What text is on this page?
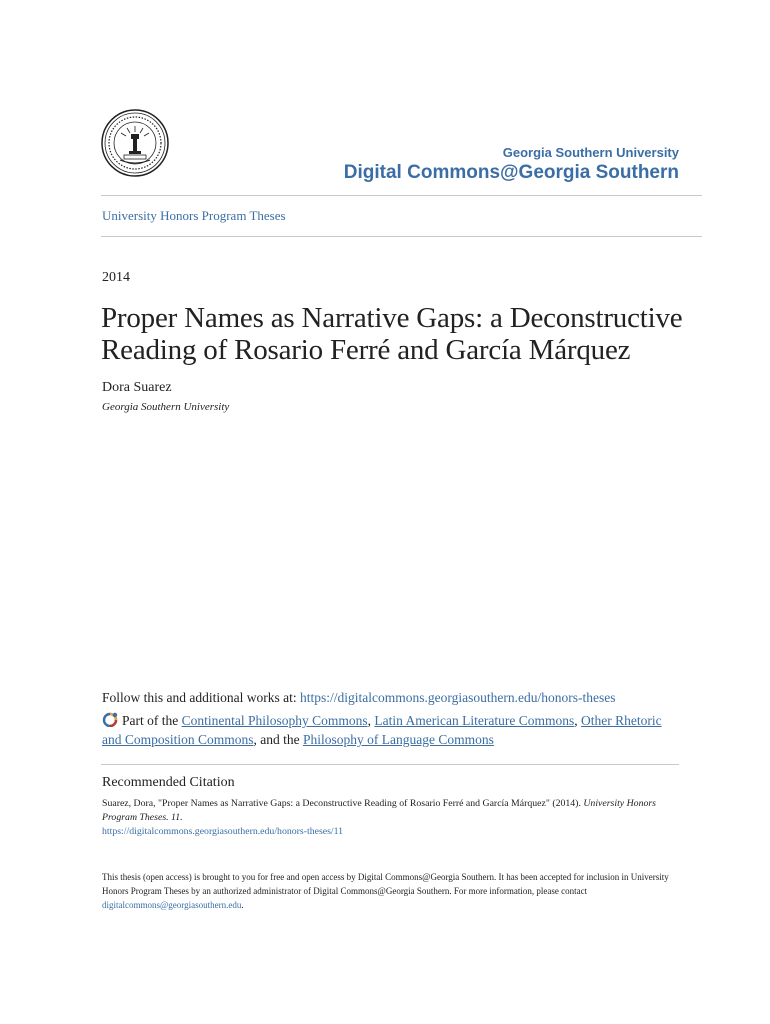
Georgia Southern University
Digital Commons@Georgia Southern
University Honors Program Theses
2014
Proper Names as Narrative Gaps: a Deconstructive Reading of Rosario Ferré and García Márquez
Dora Suarez
Georgia Southern University
Follow this and additional works at: https://digitalcommons.georgiasouthern.edu/honors-theses
Part of the Continental Philosophy Commons, Latin American Literature Commons, Other Rhetoric and Composition Commons, and the Philosophy of Language Commons
Recommended Citation
Suarez, Dora, "Proper Names as Narrative Gaps: a Deconstructive Reading of Rosario Ferré and García Márquez" (2014). University Honors Program Theses. 11.
https://digitalcommons.georgiasouthern.edu/honors-theses/11
This thesis (open access) is brought to you for free and open access by Digital Commons@Georgia Southern. It has been accepted for inclusion in University Honors Program Theses by an authorized administrator of Digital Commons@Georgia Southern. For more information, please contact digitalcommons@georgiasouthern.edu.
